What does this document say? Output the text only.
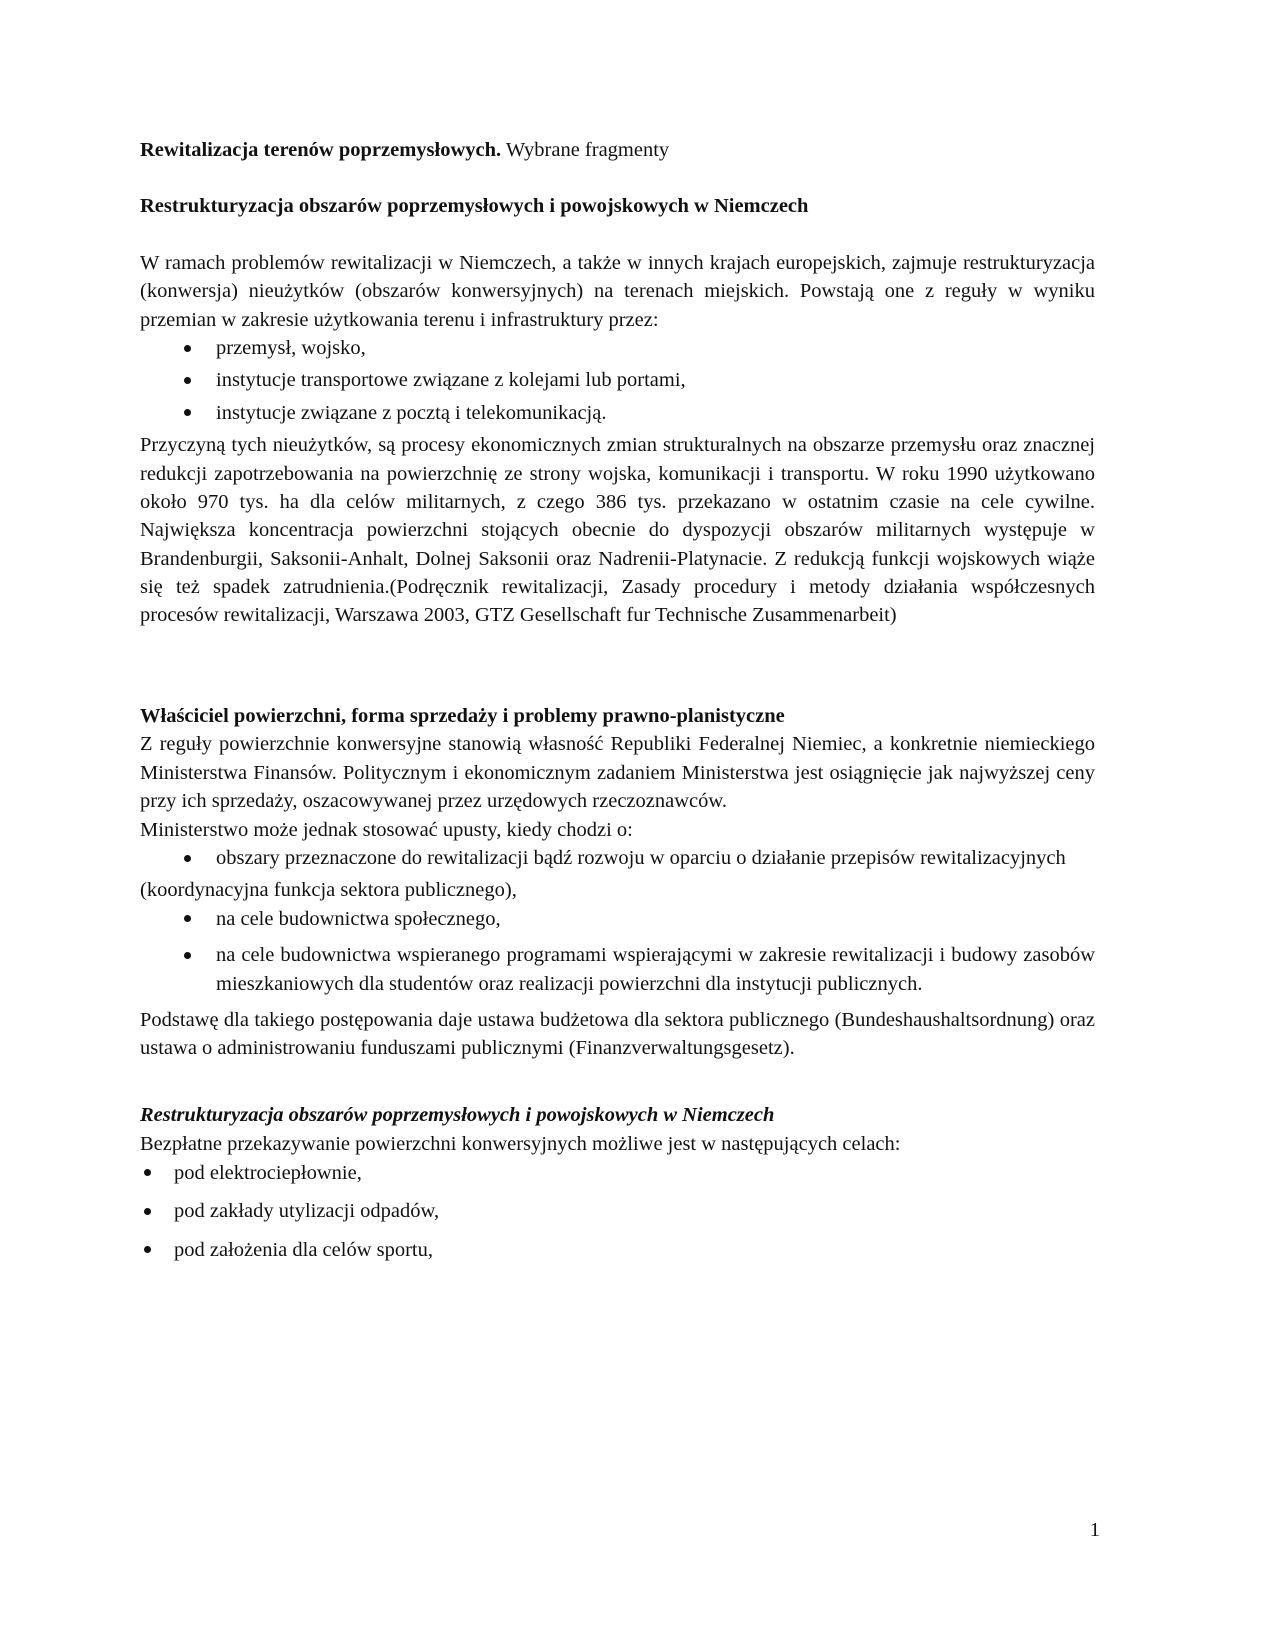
Rewitalizacja terenów poprzemysłowych. Wybrane fragmenty

Restrukturyzacja obszarów poprzemysłowych i powojskowych w Niemczech

W ramach problemów rewitalizacji w Niemczech, a także w innych krajach europejskich, zajmuje restrukturyzacja (konwersja) nieużytków (obszarów konwersyjnych) na terenach miejskich. Powstają one z reguły w wyniku przemian w zakresie użytkowania terenu i infrastruktury przez:

przemysł, wojsko,
instytucje transportowe związane z kolejami lub portami,
instytucje związane z pocztą i telekomunikacją.

Przyczyną tych nieużytków, są procesy ekonomicznych zmian strukturalnych na obszarze przemysłu oraz znacznej redukcji zapotrzebowania na powierzchnię ze strony wojska, komunikacji i transportu. W roku 1990 użytkowano około 970 tys. ha dla celów militarnych, z czego 386 tys. przekazano w ostatnim czasie na cele cywilne. Największa koncentracja powierzchni stojących obecnie do dyspozycji obszarów militarnych występuje w Brandenburgii, Saksonii-Anhalt, Dolnej Saksonii oraz Nadrenii-Platynacie. Z redukcją funkcji wojskowych wiąże się też spadek zatrudnienia.(Podręcznik rewitalizacji, Zasady procedury i metody działania współczesnych procesów rewitalizacji, Warszawa 2003, GTZ Gesellschaft fur Technische Zusammenarbeit)

Właściciel powierzchni, forma sprzedaży i problemy prawno-planistyczne

Z reguły powierzchnie konwersyjne stanowią własność Republiki Federalnej Niemiec, a konkretnie niemieckiego Ministerstwa Finansów. Politycznym i ekonomicznym zadaniem Ministerstwa jest osiągnięcie jak najwyższej ceny przy ich sprzedaży, oszacowywanej przez urzędowych rzeczoznawców.

Ministerstwo może jednak stosować upusty, kiedy chodzi o:

obszary przeznaczone do rewitalizacji bądź rozwoju w oparciu o działanie przepisów rewitalizacyjnych

(koordynacyjna funkcja sektora publicznego),

na cele budownictwa społecznego,
na cele budownictwa wspieranego programami wspierającymi w zakresie rewitalizacji i budowy zasobów mieszkaniowych dla studentów oraz realizacji powierzchni dla instytucji publicznych.

Podstawę dla takiego postępowania daje ustawa budżetowa dla sektora publicznego (Bundeshaushaltsordnung) oraz ustawa o administrowaniu funduszami publicznymi (Finanzverwaltungsgesetz).

Restrukturyzacja obszarów poprzemysłowych i powojskowych w Niemczech

Bezpłatne przekazywanie powierzchni konwersyjnych możliwe jest w następujących celach:

pod elektrociepłownie,
pod zakłady utylizacji odpadów,
pod założenia dla celów sportu,
1
